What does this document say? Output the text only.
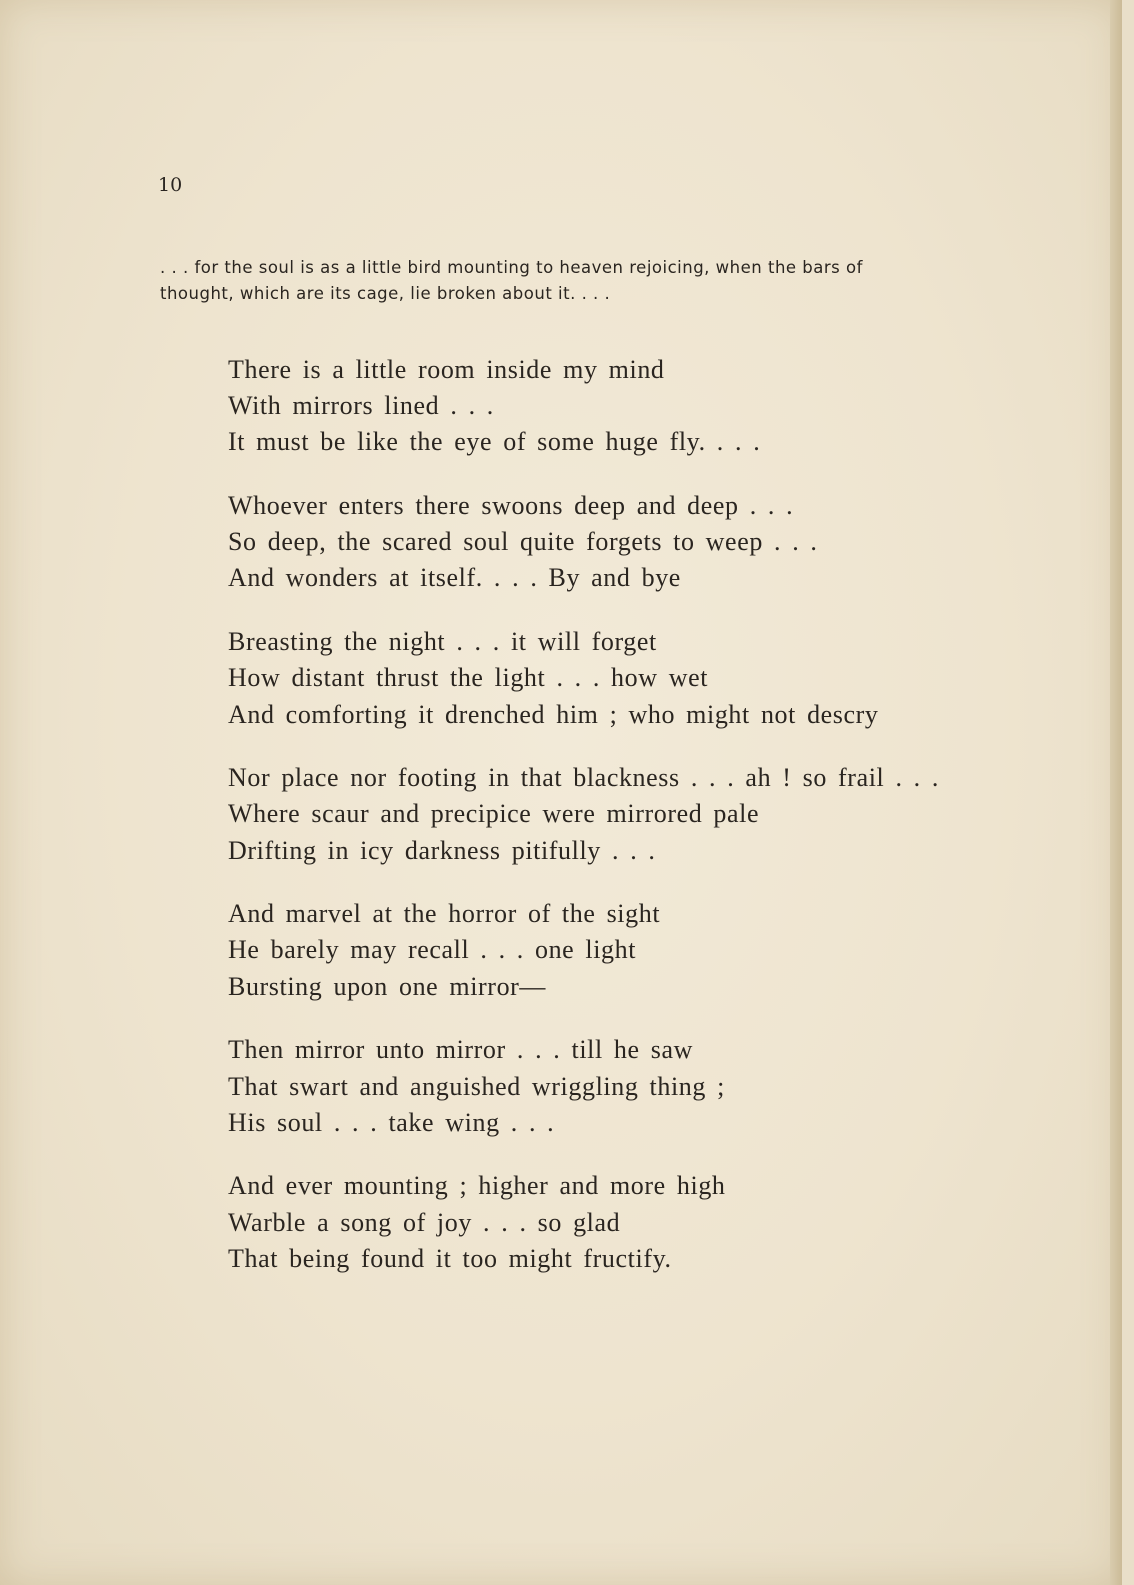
10

. . . for the soul is as a little bird mounting to heaven rejoicing, when the bars of

thought, which are its cage, lie broken about it. . . .

There is a little room inside my mind
With mirrors lined . . .
It must be like the eye of some huge fly. . . .
Whoever enters there swoons deep and deep . . .
So deep, the scared soul quite forgets to weep . . .
And wonders at itself. . . . By and bye
Breasting the night . . . it will forget
How distant thrust the light . . . how wet
And comforting it drenched him ; who might not descry
Nor place nor footing in that blackness . . . ah ! so frail . . .
Where scaur and precipice were mirrored pale
Drifting in icy darkness pitifully . . .
And marvel at the horror of the sight
He barely may recall . . . one light
Bursting upon one mirror—
Then mirror unto mirror . . . till he saw
That swart and anguished wriggling thing ;
His soul . . . take wing . . .
And ever mounting ; higher and more high
Warble a song of joy . . . so glad
That being found it too might fructify.
